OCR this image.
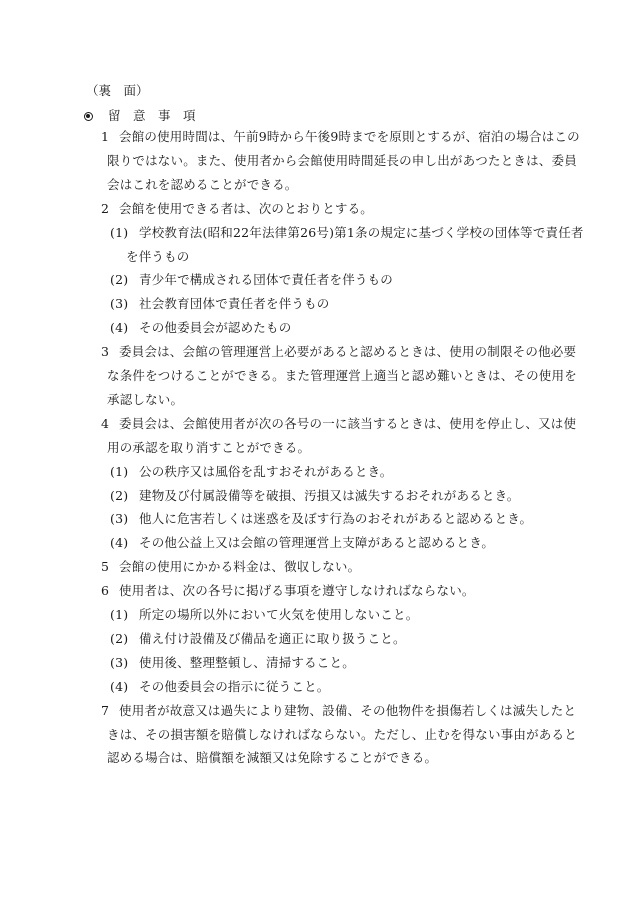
（裏　面）
留　意　事　項
1 会館の使用時間は、午前9時から午後9時までを原則とするが、宿泊の場合はこの
限りではない。また、使用者から会館使用時間延長の申し出があつたときは、委員
会はこれを認めることができる。
2 会館を使用できる者は、次のとおりとする。
(1) 学校教育法(昭和22年法律第26号)第1条の規定に基づく学校の団体等で責任者
を伴うもの
(2) 青少年で構成される団体で責任者を伴うもの
(3) 社会教育団体で責任者を伴うもの
(4) その他委員会が認めたもの
3 委員会は、会館の管理運営上必要があると認めるときは、使用の制限その他必要
な条件をつけることができる。また管理運営上適当と認め難いときは、その使用を
承認しない。
4 委員会は、会館使用者が次の各号の一に該当するときは、使用を停止し、又は使
用の承認を取り消すことができる。
(1) 公の秩序又は風俗を乱すおそれがあるとき。
(2) 建物及び付属設備等を破損、汚損又は滅失するおそれがあるとき。
(3) 他人に危害若しくは迷惑を及ぼす行為のおそれがあると認めるとき。
(4) その他公益上又は会館の管理運営上支障があると認めるとき。
5 会館の使用にかかる料金は、徴収しない。
6 使用者は、次の各号に掲げる事項を遵守しなければならない。
(1) 所定の場所以外において火気を使用しないこと。
(2) 備え付け設備及び備品を適正に取り扱うこと。
(3) 使用後、整理整頓し、清掃すること。
(4) その他委員会の指示に従うこと。
7 使用者が故意又は過失により建物、設備、その他物件を損傷若しくは滅失したと
きは、その損害額を賠償しなければならない。ただし、止むを得ない事由があると
認める場合は、賠償額を減額又は免除することができる。
